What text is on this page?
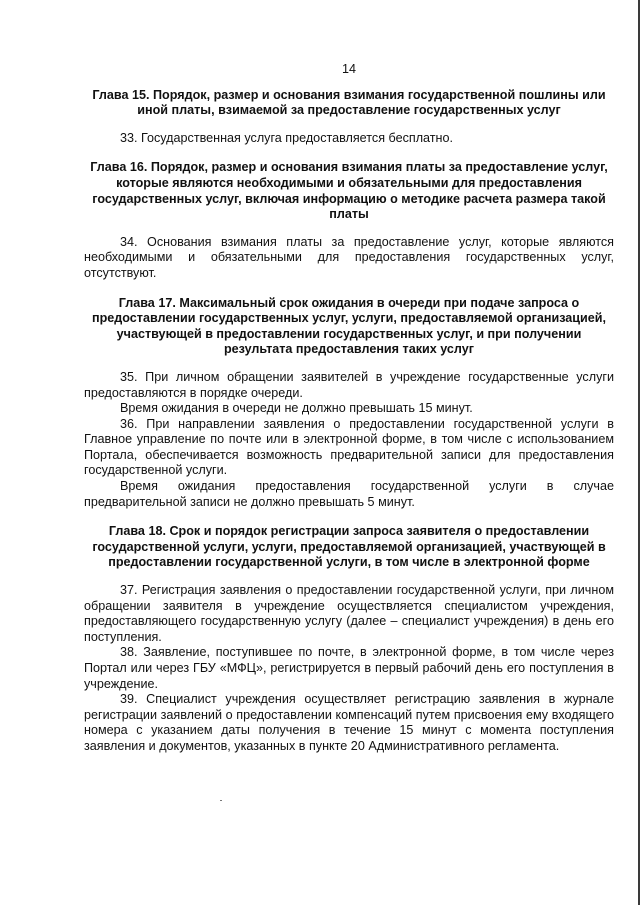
14
Глава 15. Порядок, размер и основания взимания государственной пошлины или иной платы, взимаемой за предоставление государственных услуг

33. Государственная услуга предоставляется бесплатно.

Глава 16. Порядок, размер и основания взимания платы за предоставление услуг, которые являются необходимыми и обязательными для предоставления государственных услуг, включая информацию о методике расчета размера такой платы

34. Основания взимания платы за предоставление услуг, которые являются необходимыми и обязательными для предоставления государственных услуг, отсутствуют.

Глава 17. Максимальный срок ожидания в очереди при подаче запроса о предоставлении государственных услуг, услуги, предоставляемой организацией, участвующей в предоставлении государственных услуг, и при получении результата предоставления таких услуг

35. При личном обращении заявителей в учреждение государственные услуги предоставляются в порядке очереди.

Время ожидания в очереди не должно превышать 15 минут.

36. При направлении заявления о предоставлении государственной услуги в Главное управление по почте или в электронной форме, в том числе с использованием Портала, обеспечивается возможность предварительной записи для предоставления государственной услуги.

Время ожидания предоставления государственной услуги в случае предварительной записи не должно превышать 5 минут.

Глава 18. Срок и порядок регистрации запроса заявителя о предоставлении государственной услуги, услуги, предоставляемой организацией, участвующей в предоставлении государственной услуги, в том числе в электронной форме

37. Регистрация заявления о предоставлении государственной услуги, при личном обращении заявителя в учреждение осуществляется специалистом учреждения, предоставляющего государственную услугу (далее – специалист учреждения) в день его поступления.

38. Заявление, поступившее по почте, в электронной форме, в том числе через Портал или через ГБУ «МФЦ», регистрируется в первый рабочий день его поступления в учреждение.

39. Специалист учреждения осуществляет регистрацию заявления в журнале регистрации заявлений о предоставлении компенсаций путем присвоения ему входящего номера с указанием даты получения в течение 15 минут с момента поступления заявления и документов, указанных в пункте 20 Административного регламента.
